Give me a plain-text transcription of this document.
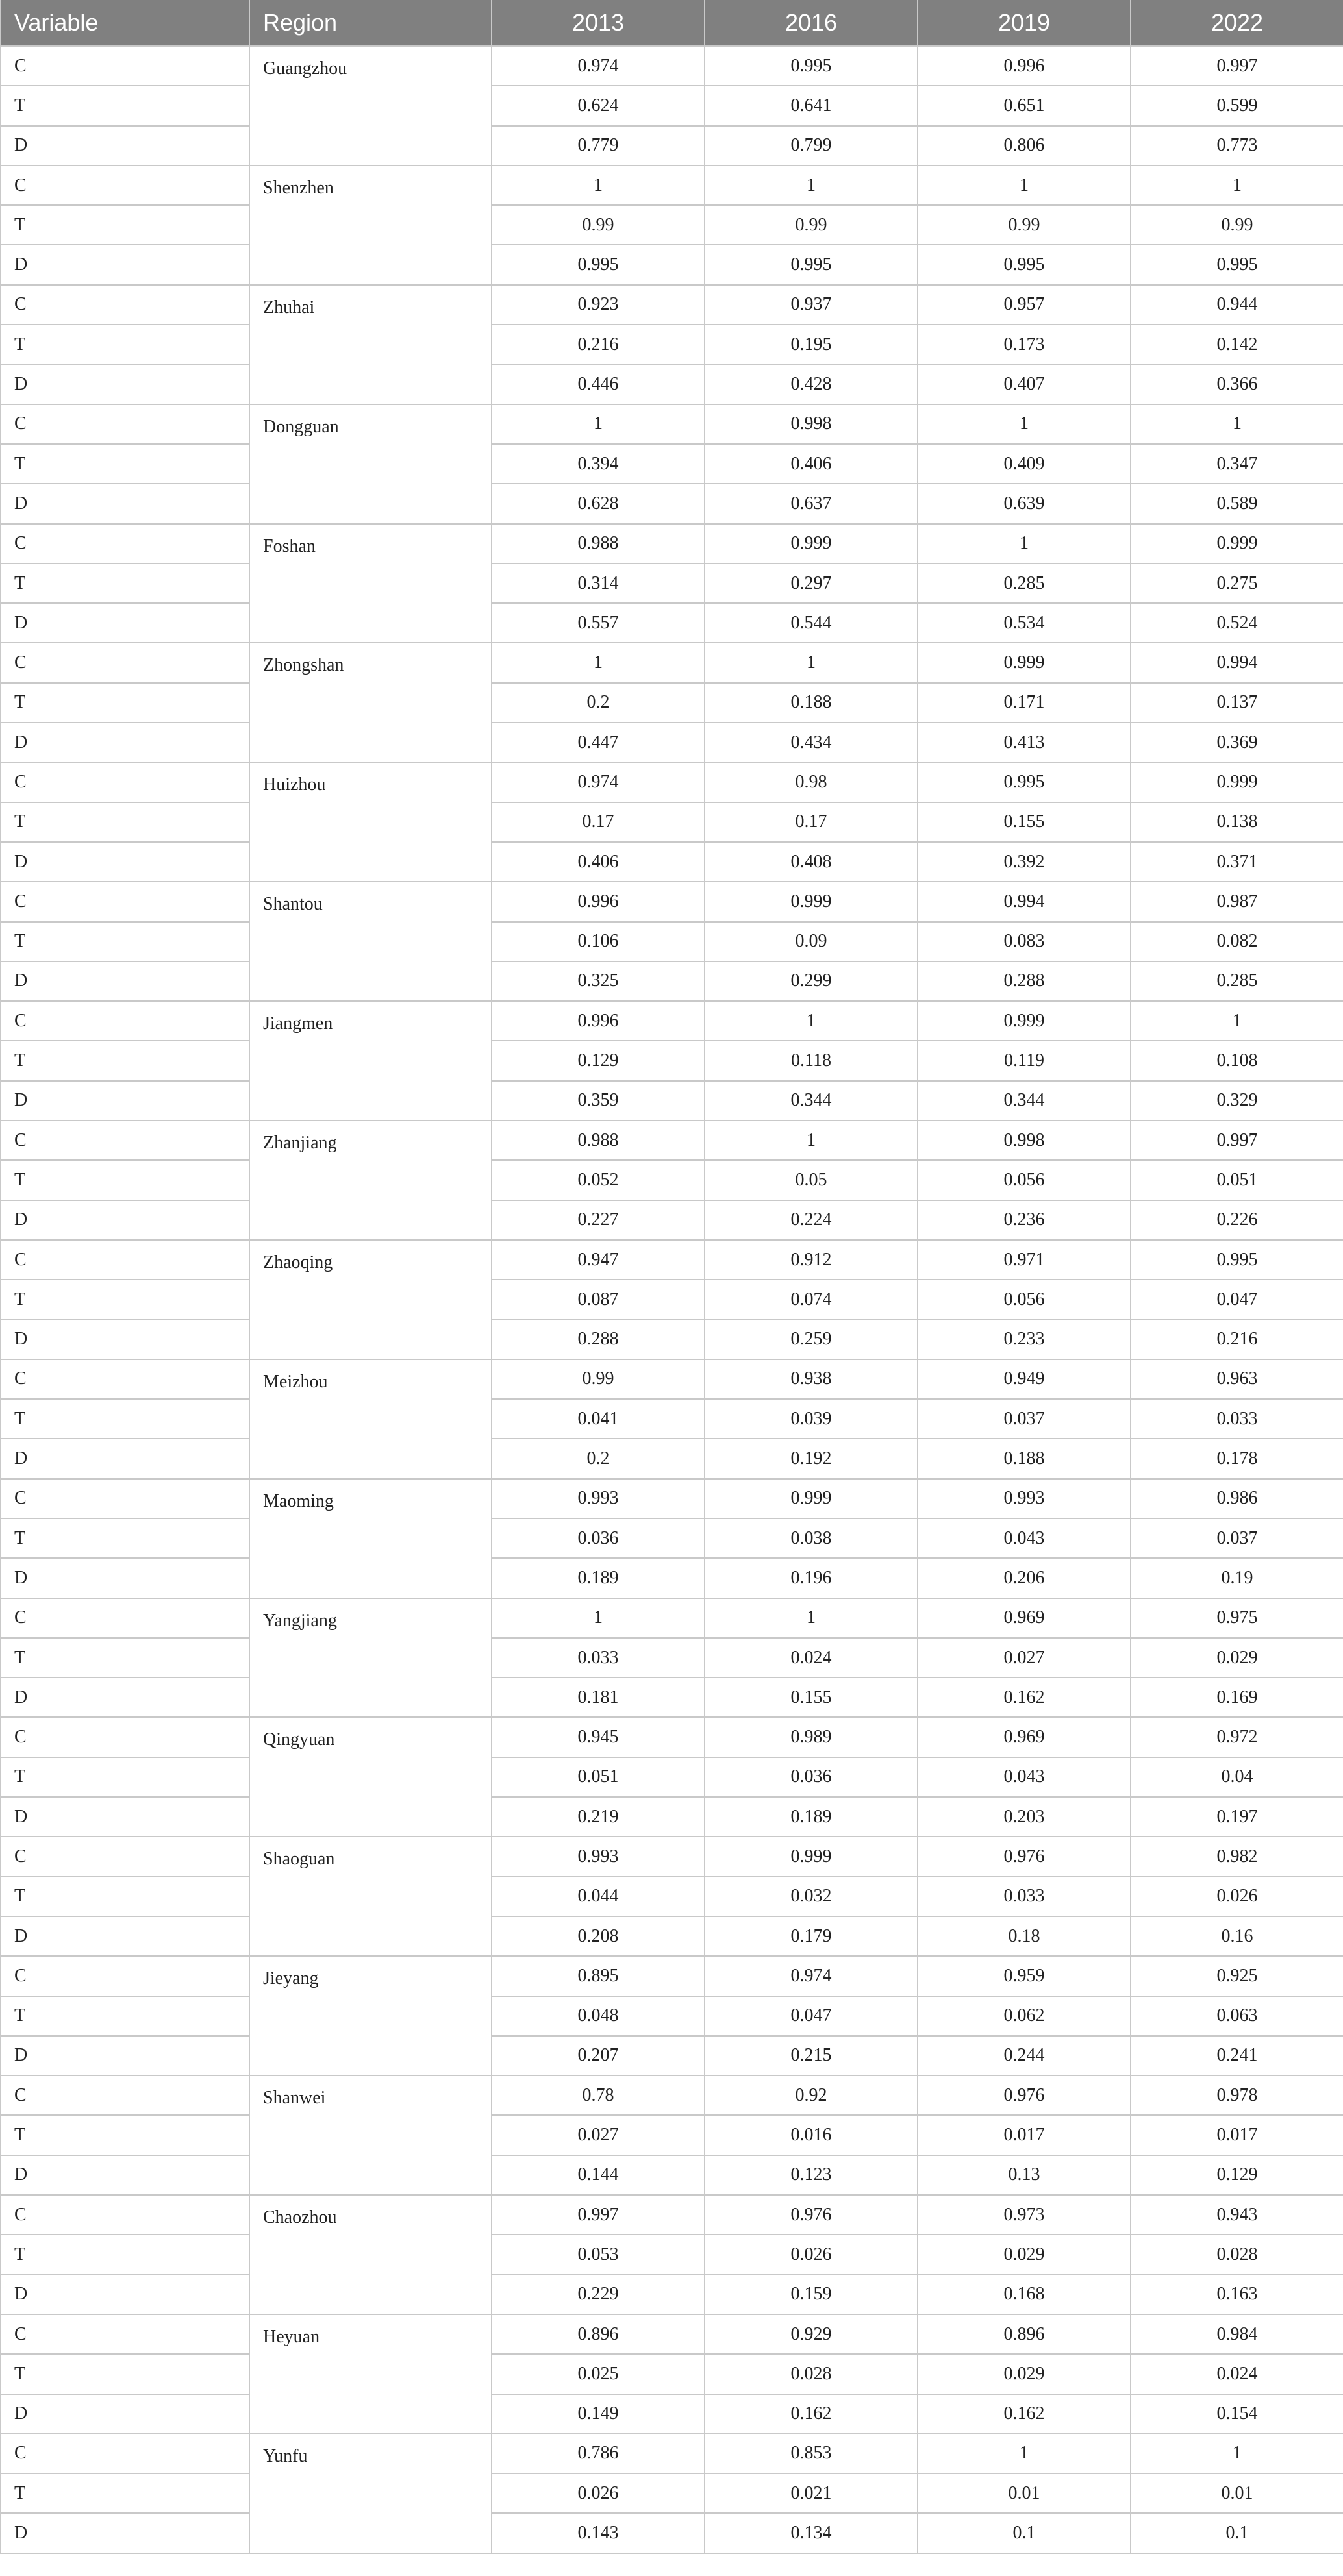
Variable	Region	2013	2016	2019	2022
C	Guangzhou	0.974	0.995	0.996	0.997
T		0.624	0.641	0.651	0.599
D		0.779	0.799	0.806	0.773
C	Shenzhen	1	1	1	1
T		0.99	0.99	0.99	0.99
D		0.995	0.995	0.995	0.995
C	Zhuhai	0.923	0.937	0.957	0.944
T		0.216	0.195	0.173	0.142
D		0.446	0.428	0.407	0.366
C	Dongguan	1	0.998	1	1
T		0.394	0.406	0.409	0.347
D		0.628	0.637	0.639	0.589
C	Foshan	0.988	0.999	1	0.999
T		0.314	0.297	0.285	0.275
D		0.557	0.544	0.534	0.524
C	Zhongshan	1	1	0.999	0.994
T		0.2	0.188	0.171	0.137
D		0.447	0.434	0.413	0.369
C	Huizhou	0.974	0.98	0.995	0.999
T		0.17	0.17	0.155	0.138
D		0.406	0.408	0.392	0.371
C	Shantou	0.996	0.999	0.994	0.987
T		0.106	0.09	0.083	0.082
D		0.325	0.299	0.288	0.285
C	Jiangmen	0.996	1	0.999	1
T		0.129	0.118	0.119	0.108
D		0.359	0.344	0.344	0.329
C	Zhanjiang	0.988	1	0.998	0.997
T		0.052	0.05	0.056	0.051
D		0.227	0.224	0.236	0.226
C	Zhaoqing	0.947	0.912	0.971	0.995
T		0.087	0.074	0.056	0.047
D		0.288	0.259	0.233	0.216
C	Meizhou	0.99	0.938	0.949	0.963
T		0.041	0.039	0.037	0.033
D		0.2	0.192	0.188	0.178
C	Maoming	0.993	0.999	0.993	0.986
T		0.036	0.038	0.043	0.037
D		0.189	0.196	0.206	0.19
C	Yangjiang	1	1	0.969	0.975
T		0.033	0.024	0.027	0.029
D		0.181	0.155	0.162	0.169
C	Qingyuan	0.945	0.989	0.969	0.972
T		0.051	0.036	0.043	0.04
D		0.219	0.189	0.203	0.197
C	Shaoguan	0.993	0.999	0.976	0.982
T		0.044	0.032	0.033	0.026
D		0.208	0.179	0.18	0.16
C	Jieyang	0.895	0.974	0.959	0.925
T		0.048	0.047	0.062	0.063
D		0.207	0.215	0.244	0.241
C	Shanwei	0.78	0.92	0.976	0.978
T		0.027	0.016	0.017	0.017
D		0.144	0.123	0.13	0.129
C	Chaozhou	0.997	0.976	0.973	0.943
T		0.053	0.026	0.029	0.028
D		0.229	0.159	0.168	0.163
C	Heyuan	0.896	0.929	0.896	0.984
T		0.025	0.028	0.029	0.024
D		0.149	0.162	0.162	0.154
C	Yunfu	0.786	0.853	1	1
T		0.026	0.021	0.01	0.01
D		0.143	0.134	0.1	0.1
